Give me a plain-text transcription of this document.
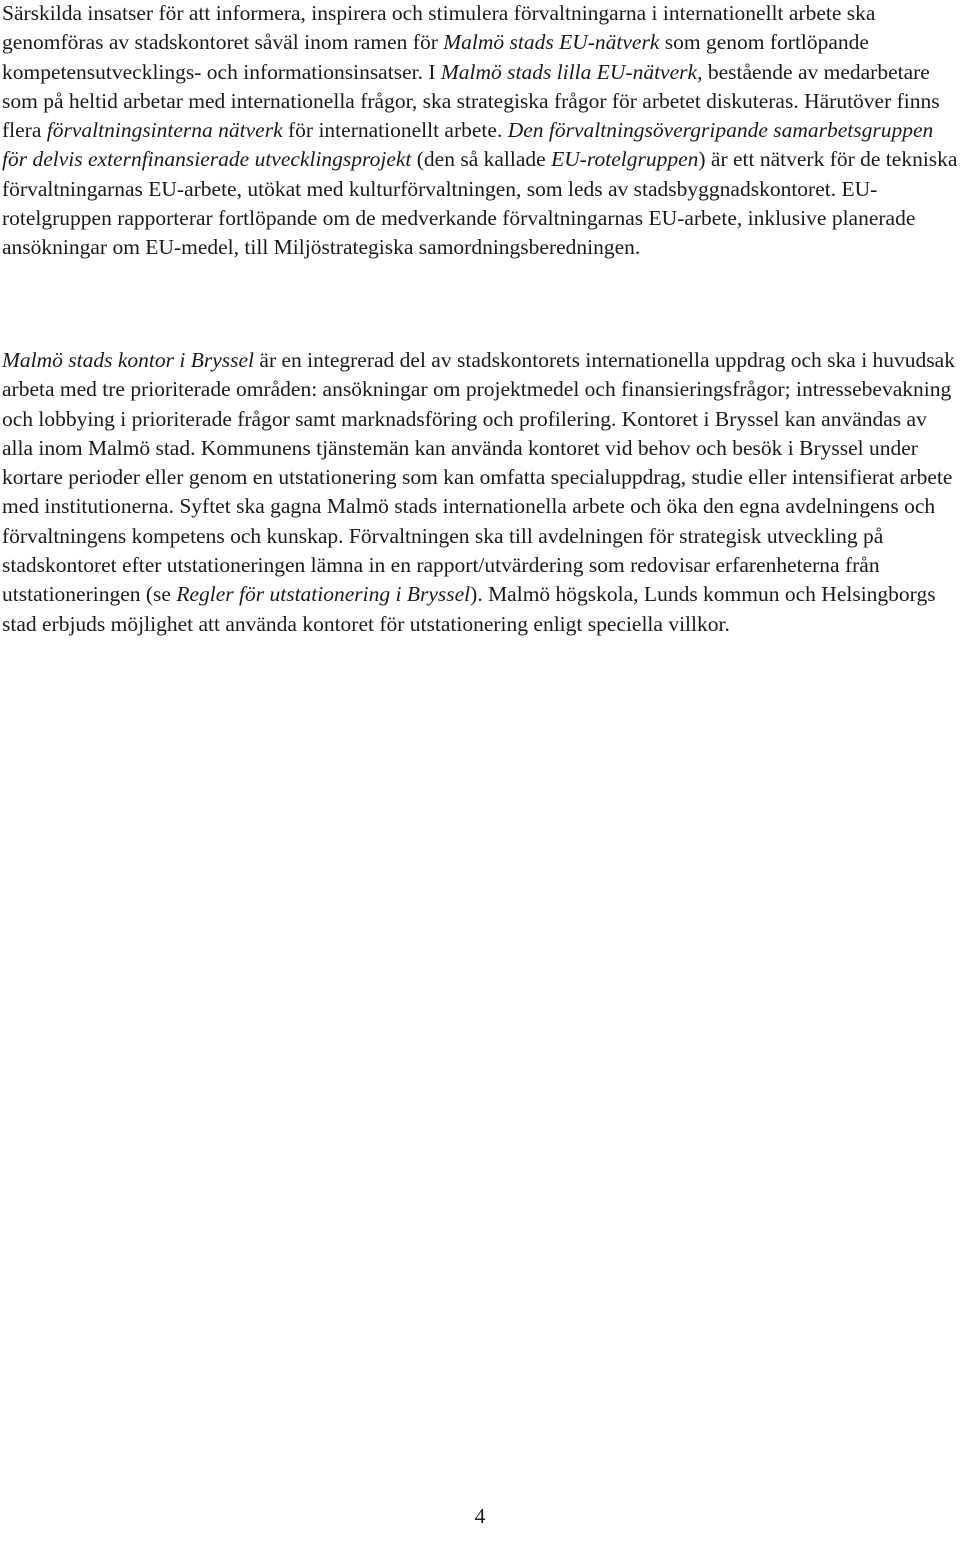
Särskilda insatser för att informera, inspirera och stimulera förvaltningarna i internationellt arbete ska genomföras av stadskontoret såväl inom ramen för Malmö stads EU-nätverk som genom fortlöpande kompetensutvecklings- och informationsinsatser. I Malmö stads lilla EU-nätverk, bestående av medarbetare som på heltid arbetar med internationella frågor, ska strategiska frågor för arbetet diskuteras. Härutöver finns flera förvaltningsinterna nätverk för internationellt arbete. Den förvaltningsövergripande samarbetsgruppen för delvis externfinansierade utvecklingsprojekt (den så kallade EU-rotelgruppen) är ett nätverk för de tekniska förvaltningarnas EU-arbete, utökat med kulturförvaltningen, som leds av stadsbyggnadskontoret. EU-rotelgruppen rapporterar fortlöpande om de medverkande förvaltningarnas EU-arbete, inklusive planerade ansökningar om EU-medel, till Miljöstrategiska samordningsberedningen.

Malmö stads kontor i Bryssel är en integrerad del av stadskontorets internationella uppdrag och ska i huvudsak arbeta med tre prioriterade områden: ansökningar om projektmedel och finansieringsfrågor; intressebevakning och lobbying i prioriterade frågor samt marknadsföring och profilering. Kontoret i Bryssel kan användas av alla inom Malmö stad. Kommunens tjänstemän kan använda kontoret vid behov och besök i Bryssel under kortare perioder eller genom en utstationering som kan omfatta specialuppdrag, studie eller intensifierat arbete med institutionerna. Syftet ska gagna Malmö stads internationella arbete och öka den egna avdelningens och förvaltningens kompetens och kunskap. Förvaltningen ska till avdelningen för strategisk utveckling på stadskontoret efter utstationeringen lämna in en rapport/utvärdering som redovisar erfarenheterna från utstationeringen (se Regler för utstationering i Bryssel). Malmö högskola, Lunds kommun och Helsingborgs stad erbjuds möjlighet att använda kontoret för utstationering enligt speciella villkor.

4
